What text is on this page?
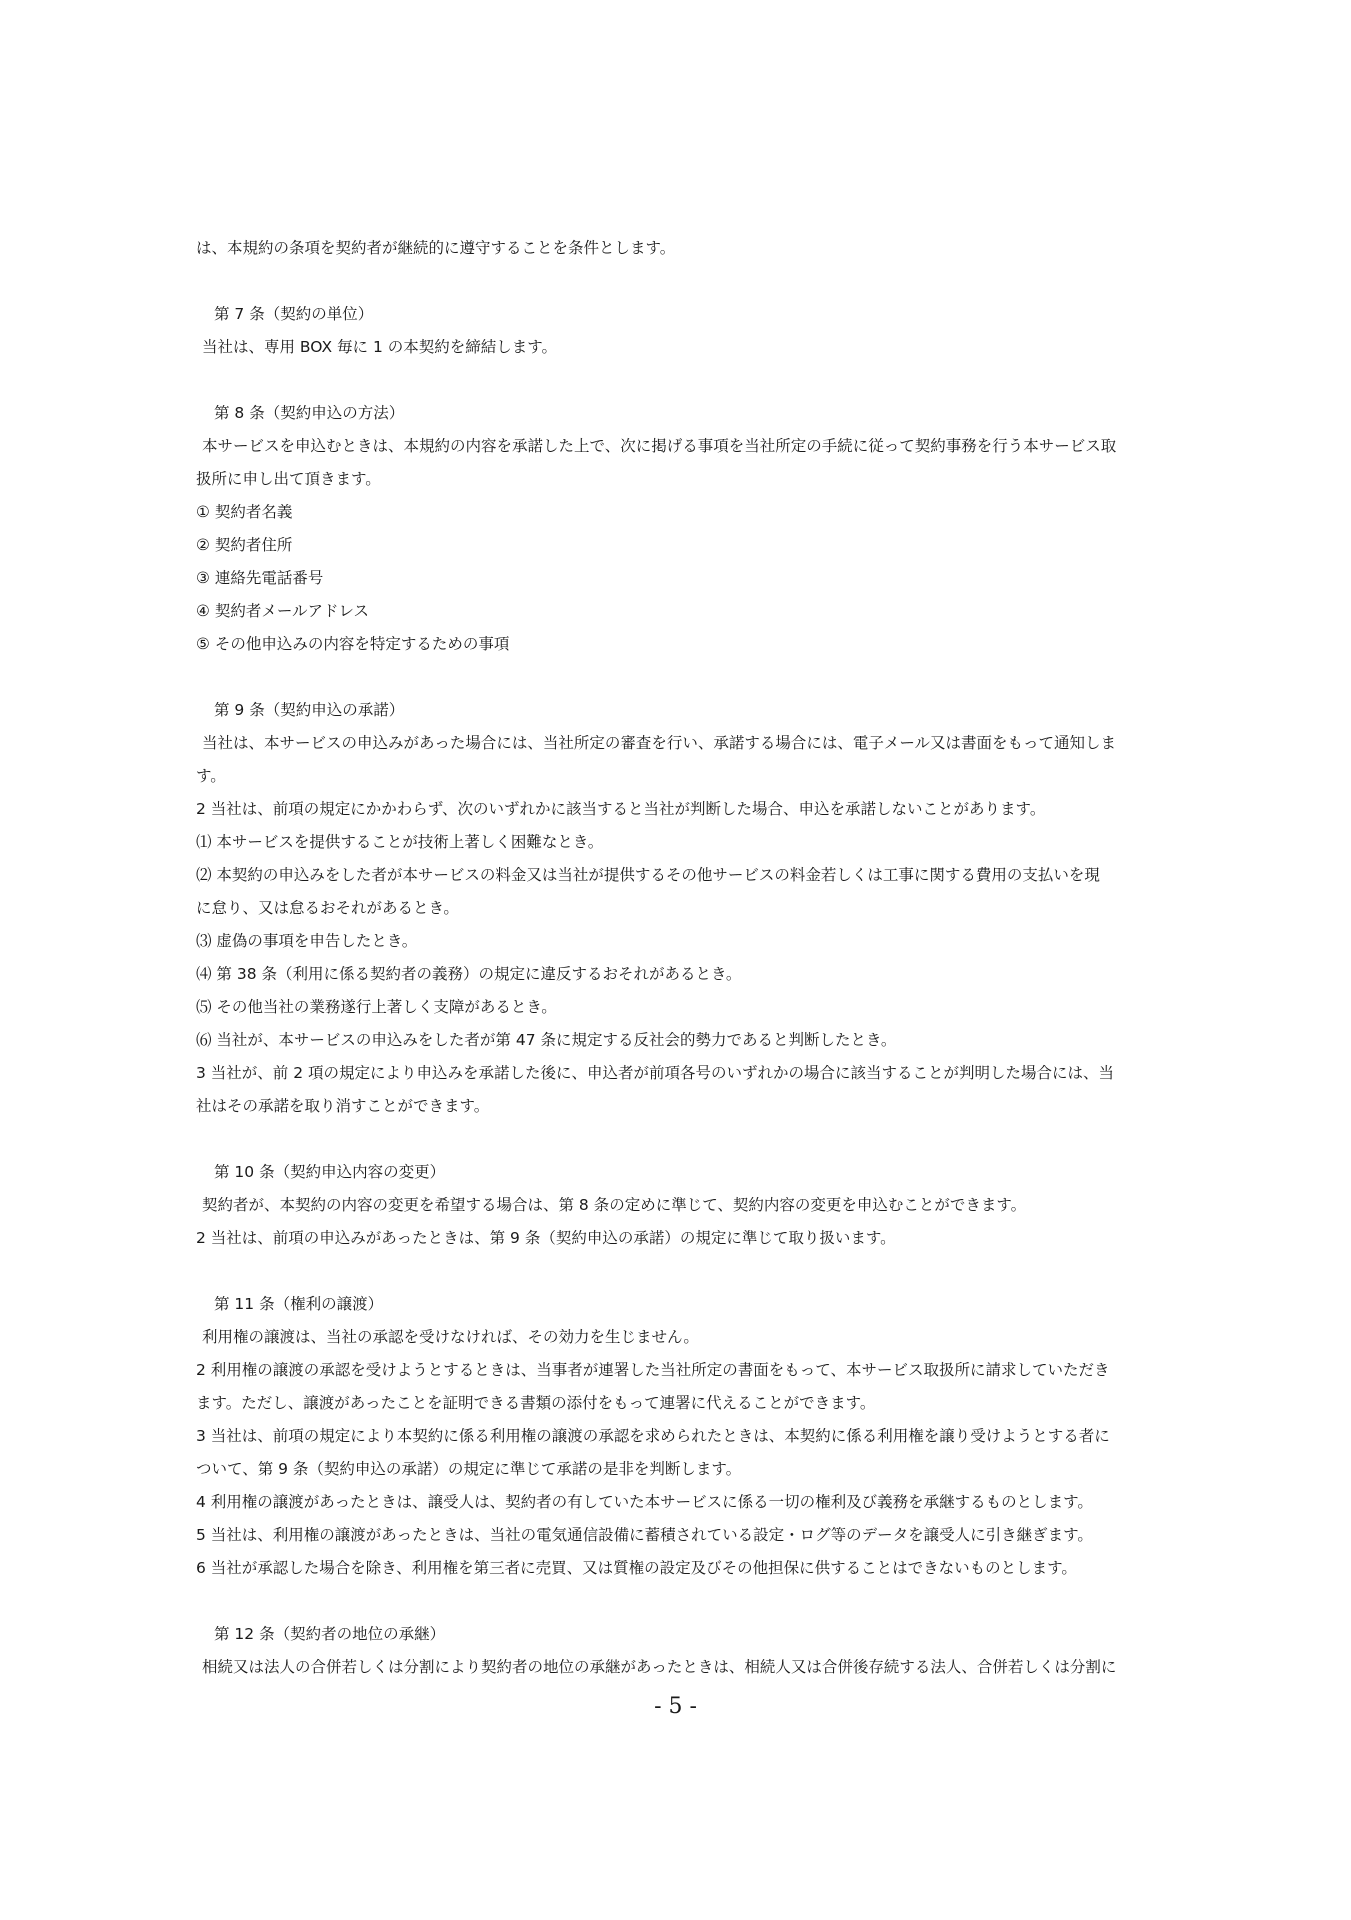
は、本規約の条項を契約者が継続的に遵守することを条件とします。
第 7 条（契約の単位）
当社は、専用 BOX 毎に 1 の本契約を締結します。
第 8 条（契約申込の方法）
本サービスを申込むときは、本規約の内容を承諾した上で、次に掲げる事項を当社所定の手続に従って契約事務を行う本サービス取
扱所に申し出て頂きます。
① 契約者名義
② 契約者住所
③ 連絡先電話番号
④ 契約者メールアドレス
⑤ その他申込みの内容を特定するための事項
第 9 条（契約申込の承諾）
当社は、本サービスの申込みがあった場合には、当社所定の審査を行い、承諾する場合には、電子メール又は書面をもって通知しま
す。
2 当社は、前項の規定にかかわらず、次のいずれかに該当すると当社が判断した場合、申込を承諾しないことがあります。
⑴ 本サービスを提供することが技術上著しく困難なとき。
⑵ 本契約の申込みをした者が本サービスの料金又は当社が提供するその他サービスの料金若しくは工事に関する費用の支払いを現
に怠り、又は怠るおそれがあるとき。
⑶ 虚偽の事項を申告したとき。
⑷ 第 38 条（利用に係る契約者の義務）の規定に違反するおそれがあるとき。
⑸ その他当社の業務遂行上著しく支障があるとき。
⑹ 当社が、本サービスの申込みをした者が第 47 条に規定する反社会的勢力であると判断したとき。
3 当社が、前 2 項の規定により申込みを承諾した後に、申込者が前項各号のいずれかの場合に該当することが判明した場合には、当
社はその承諾を取り消すことができます。
第 10 条（契約申込内容の変更）
契約者が、本契約の内容の変更を希望する場合は、第 8 条の定めに準じて、契約内容の変更を申込むことができます。
2 当社は、前項の申込みがあったときは、第 9 条（契約申込の承諾）の規定に準じて取り扱います。
第 11 条（権利の譲渡）
利用権の譲渡は、当社の承認を受けなければ、その効力を生じません。
2 利用権の譲渡の承認を受けようとするときは、当事者が連署した当社所定の書面をもって、本サービス取扱所に請求していただき
ます。ただし、譲渡があったことを証明できる書類の添付をもって連署に代えることができます。
3 当社は、前項の規定により本契約に係る利用権の譲渡の承認を求められたときは、本契約に係る利用権を譲り受けようとする者に
ついて、第 9 条（契約申込の承諾）の規定に準じて承諾の是非を判断します。
4 利用権の譲渡があったときは、譲受人は、契約者の有していた本サービスに係る一切の権利及び義務を承継するものとします。
5 当社は、利用権の譲渡があったときは、当社の電気通信設備に蓄積されている設定・ログ等のデータを譲受人に引き継ぎます。
6 当社が承認した場合を除き、利用権を第三者に売買、又は質権の設定及びその他担保に供することはできないものとします。
第 12 条（契約者の地位の承継）
相続又は法人の合併若しくは分割により契約者の地位の承継があったときは、相続人又は合併後存続する法人、合併若しくは分割に
- 5 -
